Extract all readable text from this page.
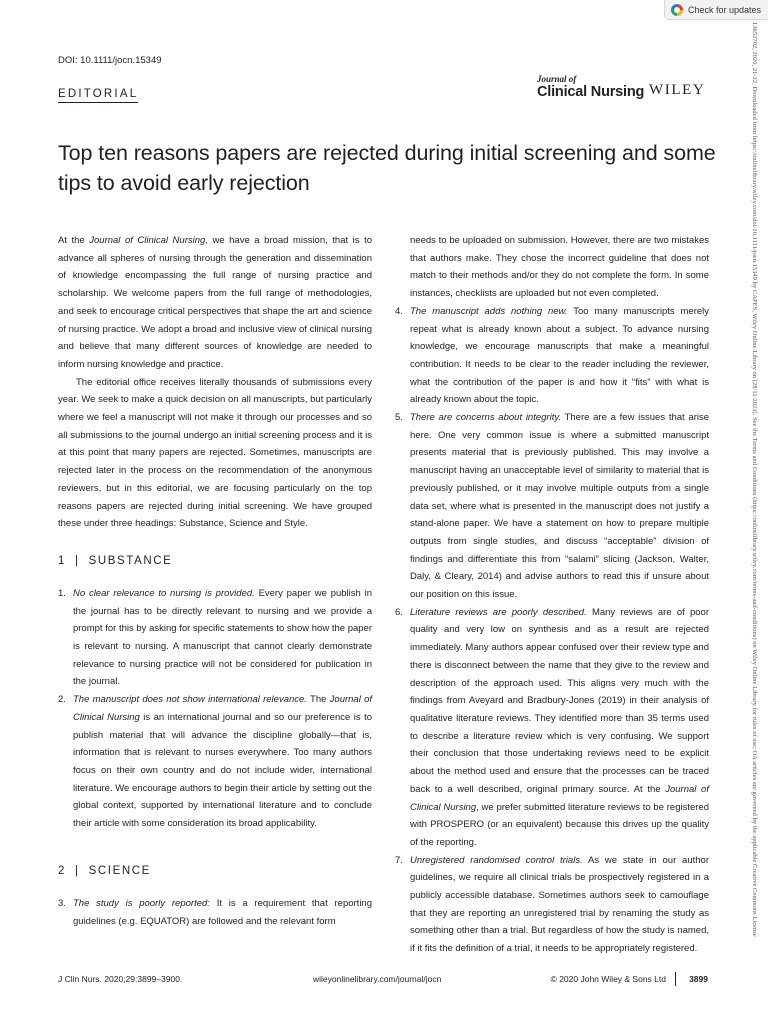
Check for updates
13652702, 2020, 21-22, Downloaded from https://onlinelibrary.wiley.com/doi/10.1111/jocn.15349 by CAPES, Wiley Online Library on [28/11/2023]. See the Terms and Conditions (https://onlinelibrary.wiley.com/terms-and-conditions) on Wiley Online Library for rules of use; OA articles are governed by the applicable Creative Commons License
DOI: 10.1111/jocn.15349
EDITORIAL
Journal of
Clinical Nursing WILEY
Top ten reasons papers are rejected during initial screening and some tips to avoid early rejection

At the Journal of Clinical Nursing, we have a broad mission, that is to advance all spheres of nursing through the generation and dissemination of knowledge encompassing the full range of nursing practice and scholarship. We welcome papers from the full range of methodologies, and seek to encourage critical perspectives that shape the art and science of nursing practice. We adopt a broad and inclusive view of clinical nursing and believe that many different sources of knowledge are needed to inform nursing knowledge and practice.

The editorial office receives literally thousands of submissions every year. We seek to make a quick decision on all manuscripts, but particularly where we feel a manuscript will not make it through our processes and so all submissions to the journal undergo an initial screening process and it is at this point that many papers are rejected. Sometimes, manuscripts are rejected later in the process on the recommendation of the anonymous reviewers, but in this editorial, we are focusing particularly on the top reasons papers are rejected during initial screening. We have grouped these under three headings: Substance, Science and Style.

1 | SUBSTANCE
1. No clear relevance to nursing is provided. Every paper we publish in the journal has to be directly relevant to nursing and we provide a prompt for this by asking for specific statements to show how the paper is relevant to nursing. A manuscript that cannot clearly demonstrate relevance to nursing practice will not be considered for publication in the journal.
2. The manuscript does not show international relevance. The Journal of Clinical Nursing is an international journal and so our preference is to publish material that will advance the discipline globally—that is, information that is relevant to nurses everywhere. Too many authors focus on their own country and do not include wider, international literature. We encourage authors to begin their article by setting out the global context, supported by international literature and to conclude their article with some consideration its broad applicability.
2 | SCIENCE
3. The study is poorly reported: It is a requirement that reporting guidelines (e.g. EQUATOR) are followed and the relevant form

needs to be uploaded on submission. However, there are two mistakes that authors make. They chose the incorrect guideline that does not match to their methods and/or they do not complete the form. In some instances, checklists are uploaded but not even completed.

4. The manuscript adds nothing new. Too many manuscripts merely repeat what is already known about a subject. To advance nursing knowledge, we encourage manuscripts that make a meaningful contribution. It needs to be clear to the reader including the reviewer, what the contribution of the paper is and how it “fits” with what is already known about the topic.
5. There are concerns about integrity. There are a few issues that arise here. One very common issue is where a submitted manuscript presents material that is previously published. This may involve a manuscript having an unacceptable level of similarity to material that is previously published, or it may involve multiple outputs from a single data set, where what is presented in the manuscript does not justify a stand-alone paper. We have a statement on how to prepare multiple outputs from single studies, and discuss “acceptable” division of findings and differentiate this from “salami” slicing (Jackson, Walter, Daly, & Cleary, 2014) and advise authors to read this if unsure about our position on this issue.
6. Literature reviews are poorly described. Many reviews are of poor quality and very low on synthesis and as a result are rejected immediately. Many authors appear confused over their review type and there is disconnect between the name that they give to the review and description of the approach used. This aligns very much with the findings from Aveyard and Bradbury-Jones (2019) in their analysis of qualitative literature reviews. They identified more than 35 terms used to describe a literature review which is very confusing. We support their conclusion that those undertaking reviews need to be explicit about the method used and ensure that the processes can be traced back to a well described, original primary source. At the Journal of Clinical Nursing, we prefer submitted literature reviews to be registered with PROSPERO (or an equivalent) because this drives up the quality of the reporting.
7. Unregistered randomised control trials. As we state in our author guidelines, we require all clinical trials be prospectively registered in a publicly accessible database. Sometimes authors seek to camouflage that they are reporting an unregistered trial by renaming the study as something other than a trial. But regardless of how the study is named, if it fits the definition of a trial, it needs to be appropriately registered.
J Clin Nurs. 2020;29:3899–3900.	wileyonlinelibrary.com/journal/jocn	© 2020 John Wiley & Sons Ltd	3899
